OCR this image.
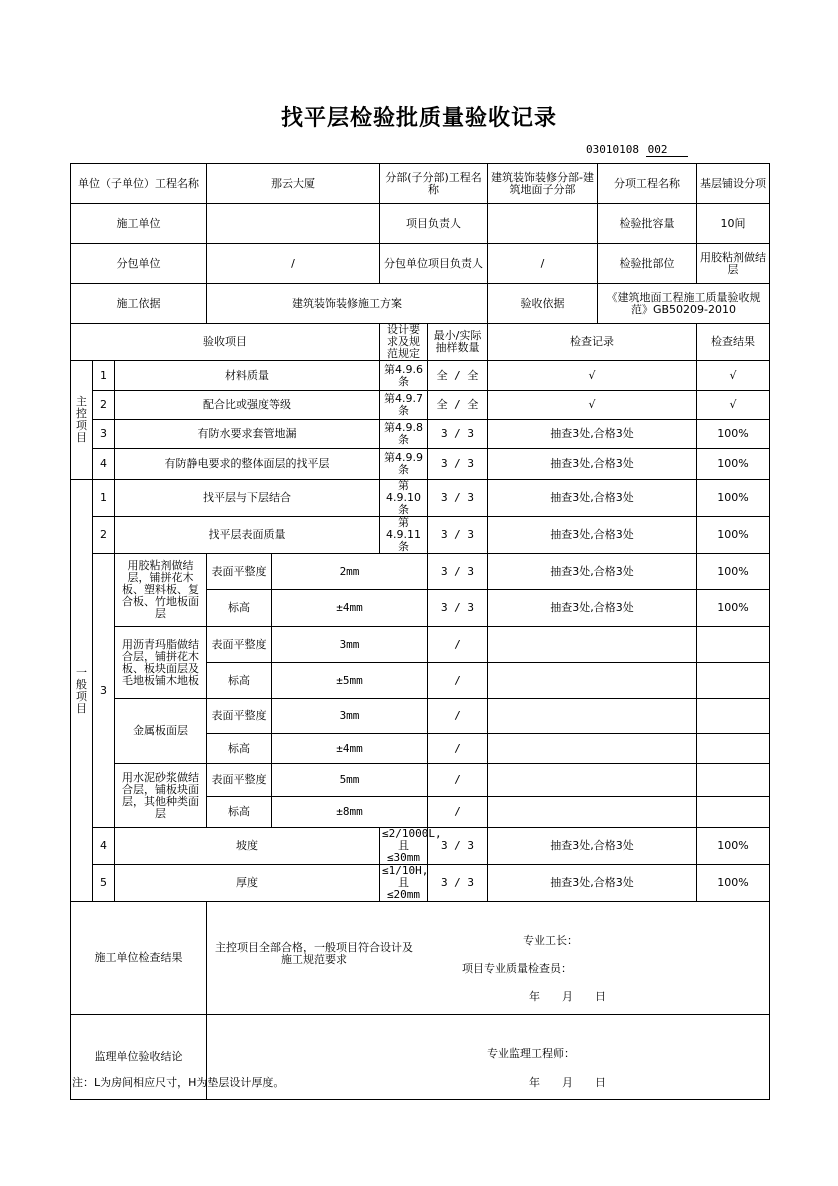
找平层检验批质量验收记录
03010108 002
单位（子单位）工程名称			那云大厦		分部(子分部)工程名称		建筑装饰装修分部-建筑地面子分部	分项工程名称	基层铺设分项
施工单位					项目负责人			检验批容量	10间
分包单位			/		分包单位项目负责人		/	检验批部位	用胶粘剂做结层
施工依据			建筑装饰装修施工方案				验收依据	《建筑地面工程施工质量验收规范》GB50209-2010	
验收项目					设计要求及规范规定	最小/实际抽样数量	检查记录		检查结果

主
控
项
目	1	材料质量			第4.9.6条	全 / 全	√		√
	2	配合比或强度等级			第4.9.7条	全 / 全	√		√
	3	有防水要求套管地漏			第4.9.8条	3 / 3	抽查3处,合格3处		100%
	4	有防静电要求的整体面层的找平层			第4.9.9条	3 / 3	抽查3处,合格3处		100%

一
般
项
目	1	找平层与下层结合			第4.9.10条	3 / 3	抽查3处,合格3处		100%
	2	找平层表面质量			第4.9.11条	3 / 3	抽查3处,合格3处		100%
	3	用胶粘剂做结层，铺拼花木板、塑料板、复合板、竹地板面层	表面平整度	2mm		3 / 3	抽查3处,合格3处		100%
			标高	±4mm		3 / 3	抽查3处,合格3处		100%
		用沥青玛脂做结合层，铺拼花木板、板块面层及毛地板铺木地板	表面平整度	3mm		/			
			标高	±5mm		/			
		金属板面层	表面平整度	3mm		/			
			标高	±4mm		/			
		用水泥砂浆做结合层，铺板块面层，其他种类面层	表面平整度	5mm		/			
			标高	±8mm		/			
	4	坡度			≤2/1000L,且≤30mm	3 / 3	抽查3处,合格3处		100%
	5	厚度			≤1/10H,且≤20mm	3 / 3	抽查3处,合格3处		100%
施工单位检查结果			主控项目全部合格，一般项目符合设计及施工规范要求
专业工长：
项目专业质量检查员：
年　　月　　日						

监理单位验收结论			专业监理工程师：
年　　月　　日						
注：L为房间相应尺寸，H为垫层设计厚度。
